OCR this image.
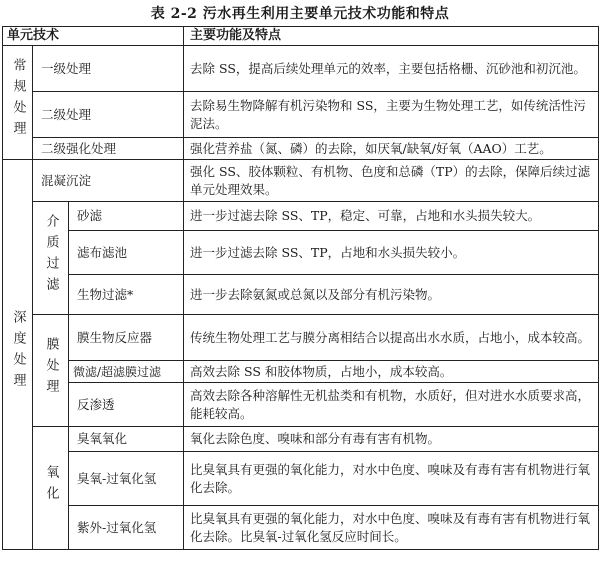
表 2-2 污水再生利用主要单元技术功能和特点
单元技术			主要功能及特点
常规处理	一级处理		去除 SS，提高后续处理单元的效率，主要包括格栅、沉砂池和初沉池。
	二级处理		去除易生物降解有机污染物和 SS，主要为生物处理工艺，如传统活性污泥法。
	二级强化处理		强化营养盐（氮、磷）的去除，如厌氧/缺氧/好氧（AAO）工艺。
深度处理	混凝沉淀		强化 SS、胶体颗粒、有机物、色度和总磷（TP）的去除，保障后续过滤单元处理效果。
	介质过滤	砂滤	进一步过滤去除 SS、TP，稳定、可靠，占地和水头损失较大。
		滤布滤池	进一步过滤去除 SS、TP，占地和水头损失较小。
		生物过滤*	进一步去除氨氮或总氮以及部分有机污染物。
	膜处理	膜生物反应器	传统生物处理工艺与膜分离相结合以提高出水水质，占地小，成本较高。
		微滤/超滤膜过滤	高效去除 SS 和胶体物质，占地小，成本较高。
		反渗透	高效去除各种溶解性无机盐类和有机物，水质好，但对进水水质要求高，能耗较高。
	氧化	臭氧氧化	氧化去除色度、嗅味和部分有毒有害有机物。
		臭氧-过氧化氢	比臭氧具有更强的氧化能力，对水中色度、嗅味及有毒有害有机物进行氧化去除。
		紫外-过氧化氢	比臭氧具有更强的氧化能力，对水中色度、嗅味及有毒有害有机物进行氧化去除。比臭氧-过氧化氢反应时间长。
